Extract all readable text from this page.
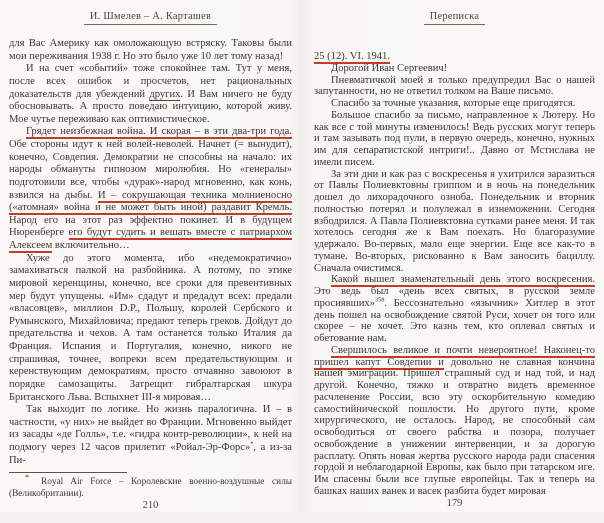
И. Шмелев – А. Карташев

для Вас Америку как омоложающую встряску. Таковы были мои переживания 1938 г. Но это было уже 10 лет тому назад!

И на счет «событий» тоже спокойнее там. Тут у меня, после всех ошибок и просчетов, нет рациональных доказательств для убеждений других. И Вам ничего не буду обосновывать. А просто поведаю интуицию, которой живу. Мое чутье переживаю как оптимистическое.

Грядет неизбежная война. И скорая – в эти два-три года. Обе стороны идут к ней волей-неволей. Начнет (= вынудит), конечно, Совдепия. Демократии не способны на начало: их народы обмануты гипнозом миролюбия. Но «генералы» подготовили все, чтобы «дурак»-народ мгновенно, как конь, взвился на дыбы. И – сокрушающая техника молниеносно («атомная» война и не может быть иной) раздавит Кремль. Народ его на этот раз эффектно покинет. И в будущем Нюренберге его будут судить и вешать вместе с патриархом Алексеем включительно…

Хуже до этого момента, ибо «недемократично» замахиваться палкой на разбойника. А потому, по этике мировой керенщины, конечно, все сроки для превентивных мер будут упущены. «Им» сдадут и предадут всех: предали «власовцев», миллион D.P., Польшу, королей Сербского и Румынского, Михайловича; предают теперь греков. Дойдут до предательства и чехов. А там останется только Италия да Франция. Испания и Португалия, конечно, никого не спрашивая, точнее, вопреки всем предательствующим и керенствующим демократиям, просто отчаянно завоюют в порядке самозащиты. Затрещит гибралтарская шкура Британского Льва. Вспыхнет III-я мировая…

Так выходит по логике. Но жизнь паралогична. И – в частности, «у них» не выйдет во Франции. Мгновенно выйдет из засады «де Голль», т.е. «гидра контр-революции», к ней на подмогу через 12 часов прилетит «Ройал-Эр-Форс»*, а из-за Пи-

* Royal Air Force – Королевские военно-воздушные силы (Великобритании).
210
Переписка

25 (12). VI. 1941.

Дорогой Иван Сергеевич!

Пневматичкой моей я только предупредил Вас о нашей запутанности, но не ответил толком на Ваше письмо.

Спасибо за точные указания, которые еще пригодятся.

Большое спасибо за письмо, направленное к Лютеру. Но как все с той минуты изменилось! Ведь русских могут теперь и там зазывать под пули, в первую очередь, конечно, нужных им для сепаратистской интриги!.. Давно от Мстислава не имели писем.

За эти дни и как раз с воскресенья я ухитрился заразиться от Павлы Полиевктовны гриппом и в ночь на понедельник дошел до лихорадочного озноба. Понедельник и вторник полностью потерял и полулежал в изнеможении. Сегодня взбодрился. А Павла Полиевктовна сутками ранее меня. И так хотелось сегодня же к Вам поехать. Но благоразумие удержало. Во-первых, мало еще энергии. Еще все как-то в тумане. Во-вторых, рискованно к Вам заносить бациллу. Сначала очистимся.

Какой вышел знаменательный день этого воскресения. Это ведь был «день всех святых, в русской земле просиявших»$^{358}$. Бессознательно «язычник» Хитлер в этот день пошел на освобождение святой Руси, хочет он того или скорее – не хочет. Это казнь тем, кто оплевал святых и обетование нам.

Свершилось великое и почти невероятное! Наконец-то пришел капут Совдепии и довольно не славная кончина нашей эмиграции. Пришел страшный суд и над той, и над другой. Конечно, тяжко и отвратно видеть временное расчленение России, всю эту оскорбительную комедию самостийнической пошлости. Но другого пути, кроме хирургического, не осталось. Народ, не способный сам освободиться от своего рабства и позора, получает освобождение в унижении интервенции, и за дорогую расплату. Опять новая жертва русского народа ради спасения гордой и неблагодарной Европы, как было при татарском иге. Им спасены были все глупые европейцы. Так и теперь на башках наших ванек и васек разбита будет мировая

179
